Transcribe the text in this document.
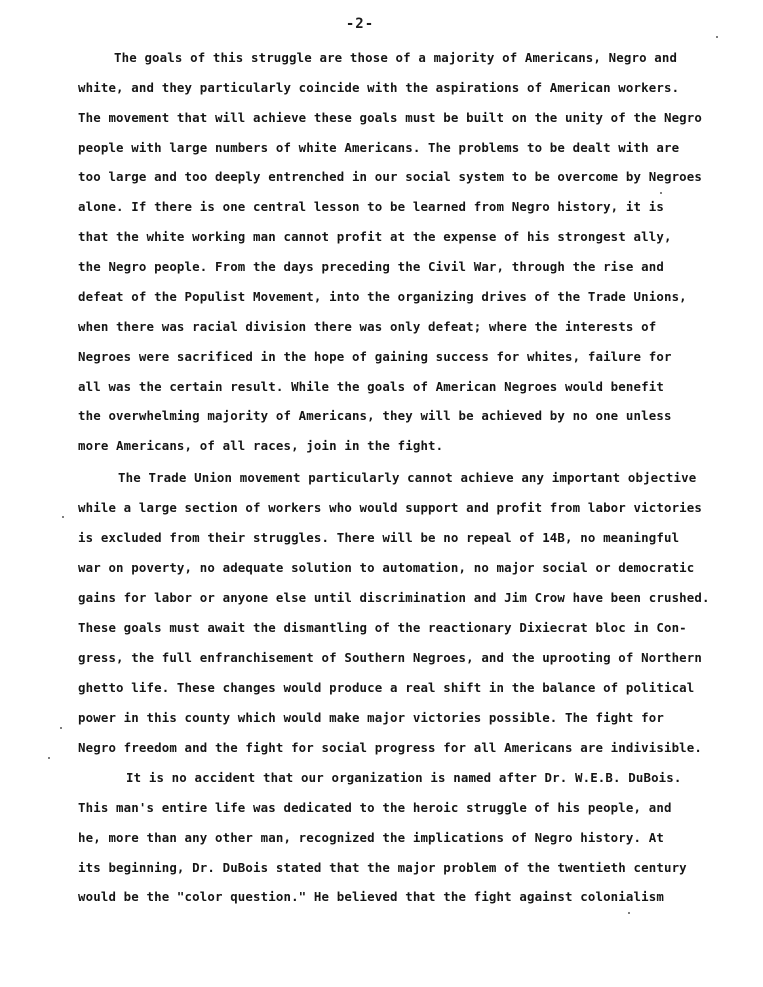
-2-
The goals of this struggle are those of a majority of Americans, Negro and
white, and they particularly coincide with the aspirations of American workers.
The movement that will achieve these goals must be built on the unity of the Negro
people with large numbers of white Americans. The problems to be dealt with are
too large and too deeply entrenched in our social system to be overcome by Negroes
alone. If there is one central lesson to be learned from Negro history, it is
that the white working man cannot profit at the expense of his strongest ally,
the Negro people. From the days preceding the Civil War, through the rise and
defeat of the Populist Movement, into the organizing drives of the Trade Unions,
when there was racial division there was only defeat; where the interests of
Negroes were sacrificed in the hope of gaining success for whites, failure for
all was the certain result. While the goals of American Negroes would benefit
the overwhelming majority of Americans, they will be achieved by no one unless
more Americans, of all races, join in the fight.
The Trade Union movement particularly cannot achieve any important objective
while a large section of workers who would support and profit from labor victories
is excluded from their struggles. There will be no repeal of 14B, no meaningful
war on poverty, no adequate solution to automation, no major social or democratic
gains for labor or anyone else until discrimination and Jim Crow have been crushed.
These goals must await the dismantling of the reactionary Dixiecrat bloc in Con-
gress, the full enfranchisement of Southern Negroes, and the uprooting of Northern
ghetto life. These changes would produce a real shift in the balance of political
power in this county which would make major victories possible. The fight for
Negro freedom and the fight for social progress for all Americans are indivisible.
It is no accident that our organization is named after Dr. W.E.B. DuBois.
This man's entire life was dedicated to the heroic struggle of his people, and
he, more than any other man, recognized the implications of Negro history. At
its beginning, Dr. DuBois stated that the major problem of the twentieth century
would be the "color question." He believed that the fight against colonialism
